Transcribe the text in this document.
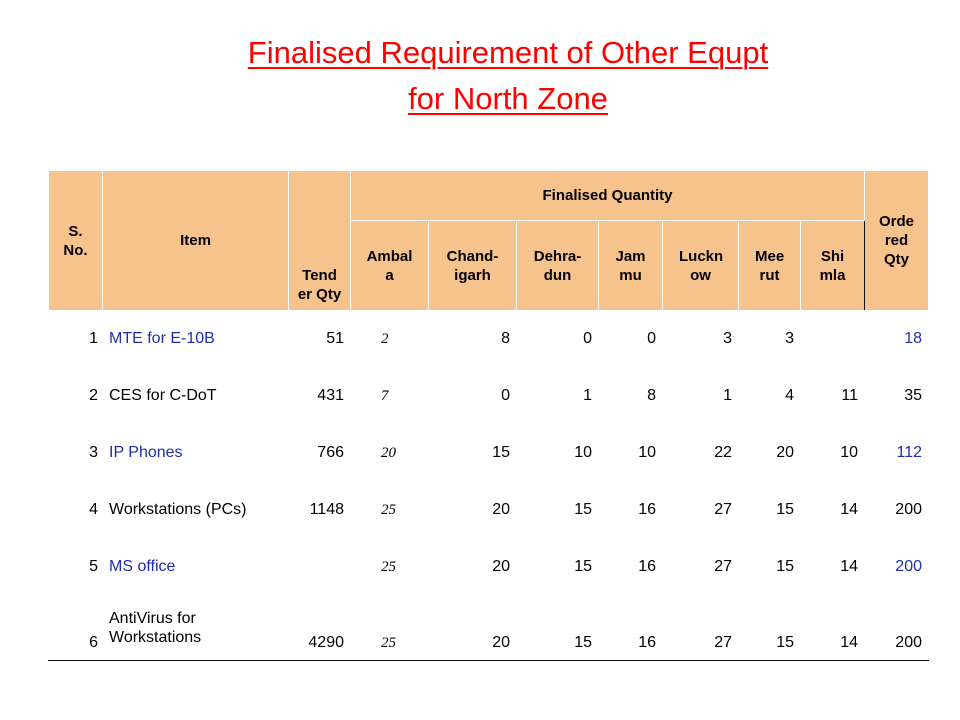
Finalised Requirement of Other Equpt
for North Zone
S. No.	Item	Tend er Qty	Finalised Quantity							Orde red Qty
			Ambal a	Chand- igarh	Dehra- dun	Jam mu	Luckn ow	Mee rut	Shi mla	
1	MTE for E-10B	51	2	8	0	0	3	3		18
2	CES for C-DoT	431	7	0	1	8	1	4	11	35
3	IP Phones	766	20	15	10	10	22	20	10	112
4	Workstations (PCs)	1148	25	20	15	16	27	15	14	200
5	MS office		25	20	15	16	27	15	14	200
6	AntiVirus for Workstations	4290	25	20	15	16	27	15	14	200
